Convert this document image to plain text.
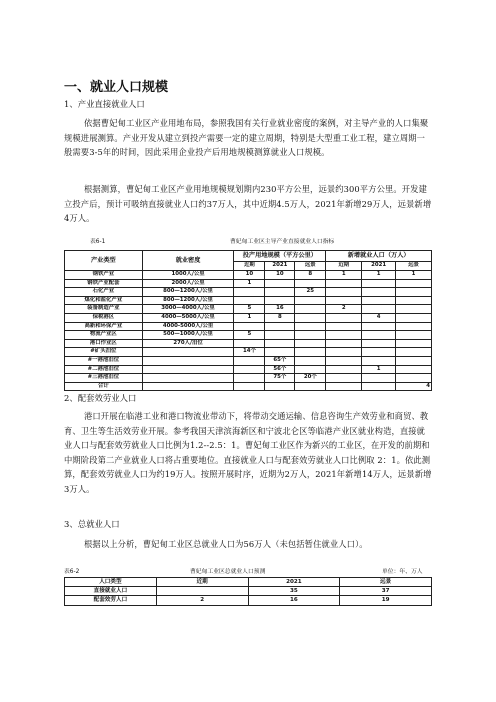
一、就业人口规模
1、产业直接就业人口

依据曹妃甸工业区产业用地布局，参照我国有关行业就业密度的案例，对主导产业的人口集聚规模进展测算。产业开发从建立到投产需要一定的建立周期，特别是大型重工业工程，建立周期一般需要3-5年的时间，因此采用企业投产后用地规模测算就业人口规模。

根据测算，曹妃甸工业区产业用地规模规划期内230平方公里，远景约300平方公里。开发建立投产后，预计可吸纳直接就业人口约37万人，其中近期4.5万人，2021年新增29万人，远景新增4万人。

表6-1	曹妃甸工业区主导产业直接就业人口指标
产业类型	就业密度	投产用地规模（平方公里）			新增就业人口（万人）		
		近期	2021	远景	近期	2021	远景
钢铁产业	1000人/公里	10	10	8	1	1	1
钢铁产业配套	2000人/公里	1					
石化产业	800—1200人/公里			25			
煤化和盐化产业	800—1200人/公里						
装备制造产业	3000—4000人/公里	5	16		2		
保税港区	4000—5000人/公里	1	8			4	
高新和环保产业	4000-5000人/公里						
物流产业区	500—1000人/公里	5					
港口作业区	270人/泊位						
#矿头泊位		14个					
#一港池泊位			65个				
#二港池泊位			56个			1	
#三港池泊位			75个	20个			
合计							4
2、配套效劳业人口

港口开展在临港工业和港口物流业带动下，将带动交通运输、信息咨询生产效劳业和商贸、教育、卫生等生活效劳业开展。参考我国天津滨海新区和宁波北仑区等临港产业区就业构造，直接就业人口与配套效劳就业人口比例为1.2--2.5：1。曹妃甸工业区作为新兴的工业区，在开发的前期和中期阶段第二产业就业人口将占重要地位。直接就业人口与配套效劳就业人口比例取 2：1。依此测算，配套效劳就业人口为约19万人。按照开展时序，近期为2万人，2021年新增14万人，远景新增3万人。

3、总就业人口

根据以上分析，曹妃甸工业区总就业人口为56万人（未包括暂住就业人口）。

表6-2	曹妃甸工业区总就业人口预测	单位：年、万人
人口类型	近期	2021	远景
直接就业人口		35	37
配套效劳人口	2	16	19
